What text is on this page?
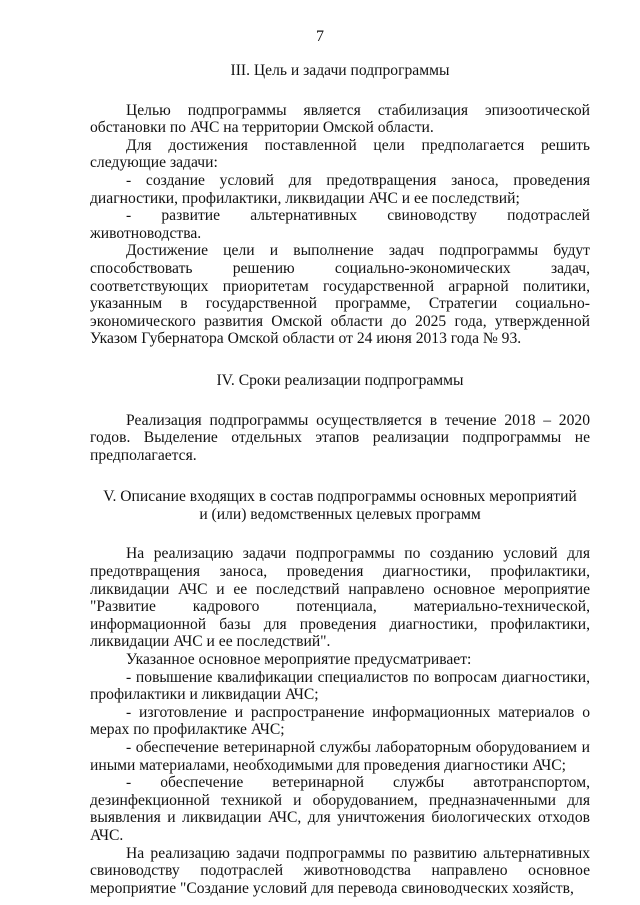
7
III. Цель и задачи подпрограммы

Целью подпрограммы является стабилизация эпизоотической обстановки по АЧС на территории Омской области.

Для достижения поставленной цели предполагается решить следующие задачи:

- создание условий для предотвращения заноса, проведения диагностики, профилактики, ликвидации АЧС и ее последствий;

- развитие альтернативных свиноводству подотраслей животноводства.

Достижение цели и выполнение задач подпрограммы будут способствовать решению социально-экономических задач, соответствующих приоритетам государственной аграрной политики, указанным в государственной программе, Стратегии социально-экономического развития Омской области до 2025 года, утвержденной Указом Губернатора Омской области от 24 июня 2013 года № 93.

IV. Сроки реализации подпрограммы

Реализация подпрограммы осуществляется в течение 2018 – 2020 годов. Выделение отдельных этапов реализации подпрограммы не предполагается.

V. Описание входящих в состав подпрограммы основных мероприятий
и (или) ведомственных целевых программ

На реализацию задачи подпрограммы по созданию условий для предотвращения заноса, проведения диагностики, профилактики, ликвидации АЧС и ее последствий направлено основное мероприятие "Развитие кадрового потенциала, материально-технической, информационной базы для проведения диагностики, профилактики, ликвидации АЧС и ее последствий".

Указанное основное мероприятие предусматривает:

- повышение квалификации специалистов по вопросам диагностики, профилактики и ликвидации АЧС;

- изготовление и распространение информационных материалов о мерах по профилактике АЧС;

- обеспечение ветеринарной службы лабораторным оборудованием и иными материалами, необходимыми для проведения диагностики АЧС;

- обеспечение ветеринарной службы автотранспортом, дезинфекционной техникой и оборудованием, предназначенными для выявления и ликвидации АЧС, для уничтожения биологических отходов АЧС.

На реализацию задачи подпрограммы по развитию альтернативных свиноводству подотраслей животноводства направлено основное мероприятие "Создание условий для перевода свиноводческих хозяйств,
